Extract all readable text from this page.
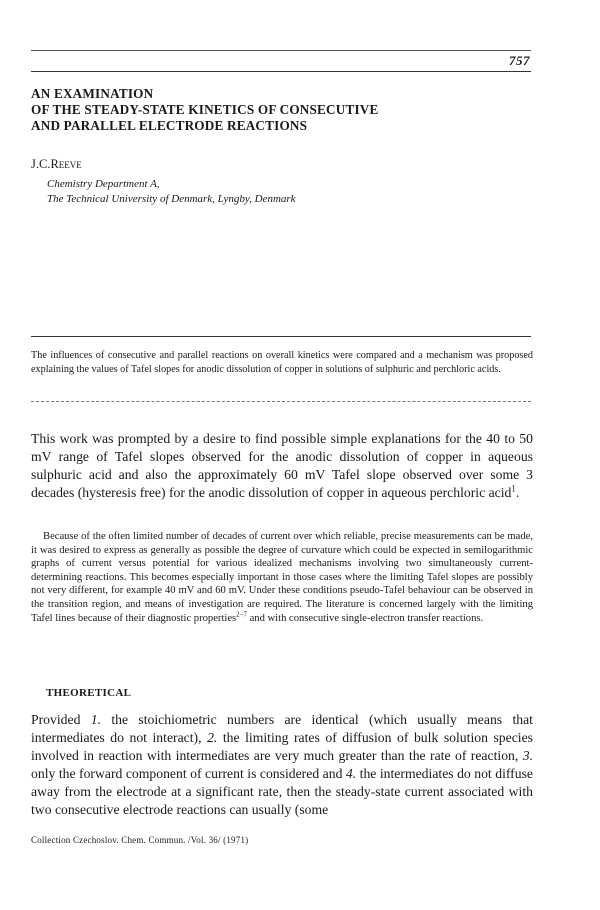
757
AN EXAMINATION
OF THE STEADY-STATE KINETICS OF CONSECUTIVE
AND PARALLEL ELECTRODE REACTIONS
J.C.Reeve
Chemistry Department A,
The Technical University of Denmark, Lyngby, Denmark
The influences of consecutive and parallel reactions on overall kinetics were compared and a mechanism was proposed explaining the values of Tafel slopes for anodic dissolution of copper in solutions of sulphuric and perchloric acids.
This work was prompted by a desire to find possible simple explanations for the 40 to 50 mV range of Tafel slopes observed for the anodic dissolution of copper in aqueous sulphuric acid and also the approximately 60 mV Tafel slope observed over some 3 decades (hysteresis free) for the anodic dissolution of copper in aqueous perchloric acid$^1$.
Because of the often limited number of decades of current over which reliable, precise measurements can be made, it was desired to express as generally as possible the degree of curvature which could be expected in semilogarithmic graphs of current versus potential for various idealized mechanisms involving two simultaneously current-determining reactions. This becomes especially important in those cases where the limiting Tafel slopes are possibly not very different, for example 40 mV and 60 mV. Under these conditions pseudo-Tafel behaviour can be observed in the transition region, and means of investigation are required. The literature is concerned largely with the limiting Tafel lines because of their diagnostic properties$^{2-7}$ and with consecutive single-electron transfer reactions.
THEORETICAL
Provided 1. the stoichiometric numbers are identical (which usually means that intermediates do not interact), 2. the limiting rates of diffusion of bulk solution species involved in reaction with intermediates are very much greater than the rate of reaction, 3. only the forward component of current is considered and 4. the intermediates do not diffuse away from the electrode at a significant rate, then the steady-state current associated with two consecutive electrode reactions can usually (some
Collection Czechoslov. Chem. Commun. /Vol. 36/ (1971)
